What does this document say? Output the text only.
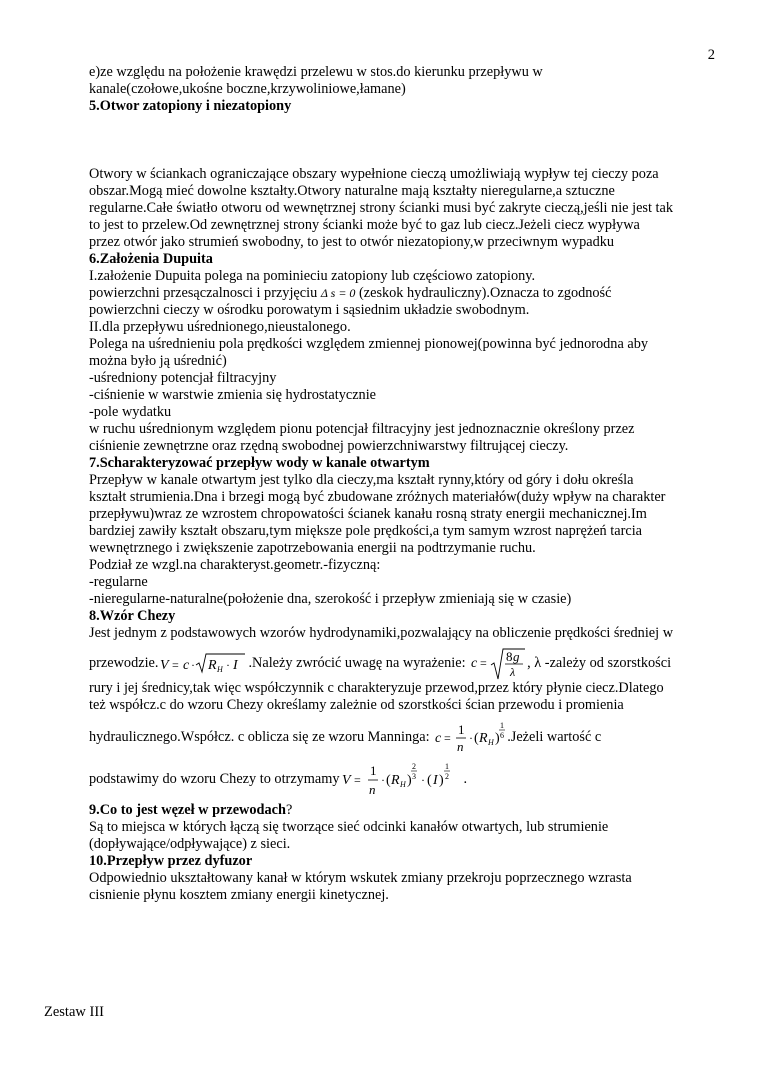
2

e)ze względu na położenie krawędzi przelewu w stos.do kierunku przepływu w

kanale(czołowe,ukośne boczne,krzywoliniowe,łamane)

5.Otwor zatopiony i niezatopiony

Otwory w ściankach ograniczające obszary wypełnione cieczą umożliwiają wypływ tej cieczy poza

obszar.Mogą mieć dowolne kształty.Otwory naturalne mają kształty nieregularne,a sztuczne

regularne.Całe światło otworu od wewnętrznej strony ścianki musi być zakryte cieczą,jeśli nie jest tak

to jest to przelew.Od zewnętrznej strony ścianki może być to gaz lub ciecz.Jeżeli ciecz wypływa

przez otwór jako strumień swobodny, to jest to otwór niezatopiony,w przeciwnym wypadku

6.Założenia Dupuita

I.założenie Dupuita polega na pominieciu zatopiony lub częściowo zatopiony.

powierzchni przesączalnosci i przyjęciu Δ s = 0 (zeskok hydrauliczny).Oznacza to zgodność

powierzchni cieczy w ośrodku porowatym i sąsiednim układzie swobodnym.

II.dla przepływu uśrednionego,nieustalonego.

Polega na uśrednieniu pola prędkości względem zmiennej pionowej(powinna być jednorodna aby

można było ją uśrednić)

-uśredniony potencjał filtracyjny

-ciśnienie w warstwie zmienia się hydrostatycznie

-pole wydatku

w ruchu uśrednionym względem pionu potencjał filtracyjny jest jednoznacznie określony przez

ciśnienie zewnętrzne oraz rzędną swobodnej powierzchniwarstwy filtrującej cieczy.

7.Scharakteryzować przepływ wody w kanale otwartym

Przepływ w kanale otwartym jest tylko dla cieczy,ma kształt rynny,który od góry i dołu określa

kształt strumienia.Dna i brzegi mogą być zbudowane zróżnych materiałów(duży wpływ na charakter

przepływu)wraz ze wzrostem chropowatości ścianek kanału rosną straty energii mechanicznej.Im

bardziej zawiły kształt obszaru,tym miększe pole prędkości,a tym samym wzrost naprężeń tarcia

wewnętrznego i zwiększenie zapotrzebowania energii na podtrzymanie ruchu.

Podział ze wzgl.na charakteryst.geometr.-fizyczną:

-regularne

-nieregularne-naturalne(położenie dna, szerokość i przepływ zmieniają się w czasie)

8.Wzór Chezy

Jest jednym z podstawowych wzorów hydrodynamiki,pozwalający na obliczenie prędkości średniej w

przewodzie. V = c · R H · I .Należy zwrócić uwagę na wyrażenie: c = 8 g
λ
, λ -zależy od szorstkości

rury i jej średnicy,tak więc współczynnik c charakteryzuje przewod,przez który płynie ciecz.Dlatego

też współcz.c do wzoru Chezy określamy zależnie od szorstkości ścian przewodu i promienia

hydraulicznego.Współcz. c oblicza się ze wzoru Manninga: c =
1
n
· ( R H )
1
6 .Jeżeli wartość c

podstawimy do wzoru Chezy to otrzymamy V =
1
n
· ( R H )
2
3 · ( I )
1
2 .

9.Co to jest węzeł w przewodach?

Są to miejsca w których łączą się tworzące sieć odcinki kanałów otwartych, lub strumienie

(dopływające/odpływające) z sieci.

10.Przepływ przez dyfuzor

Odpowiednio ukształtowany kanał w którym wskutek zmiany przekroju poprzecznego wzrasta

cisnienie płynu kosztem zmiany energii kinetycznej.

Zestaw III
